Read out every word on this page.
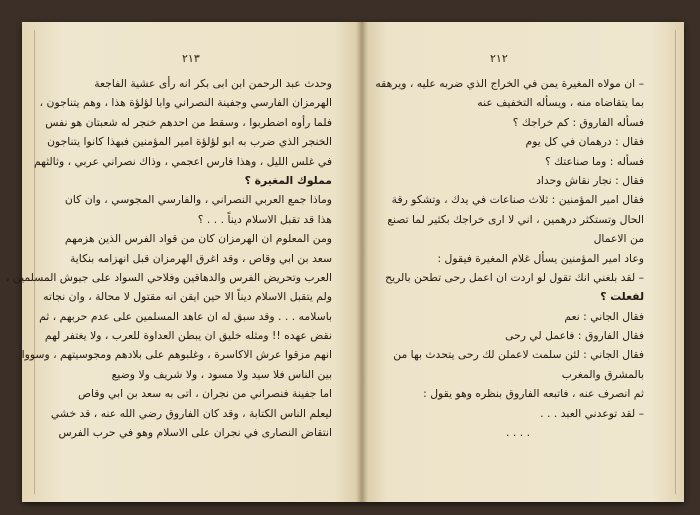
٢١٣
وحدث عبد الرحمن ابن ابى بكر انه رأى عشية الفاجعة
الهرمزان الفارسي وجفينة النصراني وابا لؤلؤة هذا ، وهم يتناجون ،
فلما رأوه اضطربوا ، وسقط من احدهم خنجر له شعبتان هو نفس
الخنجر الذي ضرب به ابو لؤلؤة امير المؤمنين فبهذا كانوا يتناجون
في غلس الليل ، وهذا فارس اعجمي ، وذاك نصراني عربي ، وثالثهم
مملوك المغيرة ؟
وماذا جمع العربي النصراني ، والفارسي المجوسي ، وان كان
هذا قد تقبل الاسلام ديناً . . . ؟
ومن المعلوم ان الهرمزان كان من قواد الفرس الذين هزمهم
سعد بن ابي وقاص ، وقد اغرق الهرمزان قبل انهزامه بنكاية
العرب وتحريض الفرس والدهاقين وفلاحي السواد على جيوش المسلمين ،
ولم يتقبل الاسلام ديناً الا حين ايقن انه مقتول لا محالة ، وان نجاته
باسلامه . . . وقد سبق له ان عاهد المسلمين على عدم حربهم ، ثم
نقض عهده !! ومثله خليق ان يبطن العداوة للعرب ، ولا يغتفر لهم
انهم مزقوا عرش الاكاسرة ، وغلبوهم على بلادهم ومجوسيتهم ، وسووا
بين الناس فلا سيد ولا مسود ، ولا شريف ولا وضيع
اما جفينة فنصراني من نجران ، اتى به سعد بن ابي وقاص
ليعلم الناس الكتابة ، وقد كان الفاروق رضي الله عنه ، قد خشي
انتقاض النصارى في نجران على الاسلام وهو في حرب الفرس
٢١٢
– ان مولاه المغيرة يمن في الخراج الذي ضربه عليه ، ويرهقه
بما يتقاضاه منه ، ويسأله التخفيف عنه
فسأله الفاروق : كم خراجك ؟
فقال : درهمان في كل يوم
فسأله : وما صناعتك ؟
فقال : نجار نقاش وحداد
فقال امير المؤمنين : ثلاث صناعات في يدك ، وتشكو رقة
الحال وتستكثر درهمين ، اني لا ارى خراجك بكثير لما تصنع
من الاعمال
وعاد امير المؤمنين يسأل غلام المغيرة فيقول :
– لقد بلغني انك تقول لو اردت ان اعمل رحى تطحن بالريح
لفعلت ؟
فقال الجاني : نعم
فقال الفاروق : فاعمل لي رحى
فقال الجاني : لئن سلمت لاعملن لك رحى يتحدث بها من
بالمشرق والمغرب
ثم انصرف عنه ، فاتبعه الفاروق بنظره وهو يقول :
– لقد توعدني العبد . . .
. . . .
